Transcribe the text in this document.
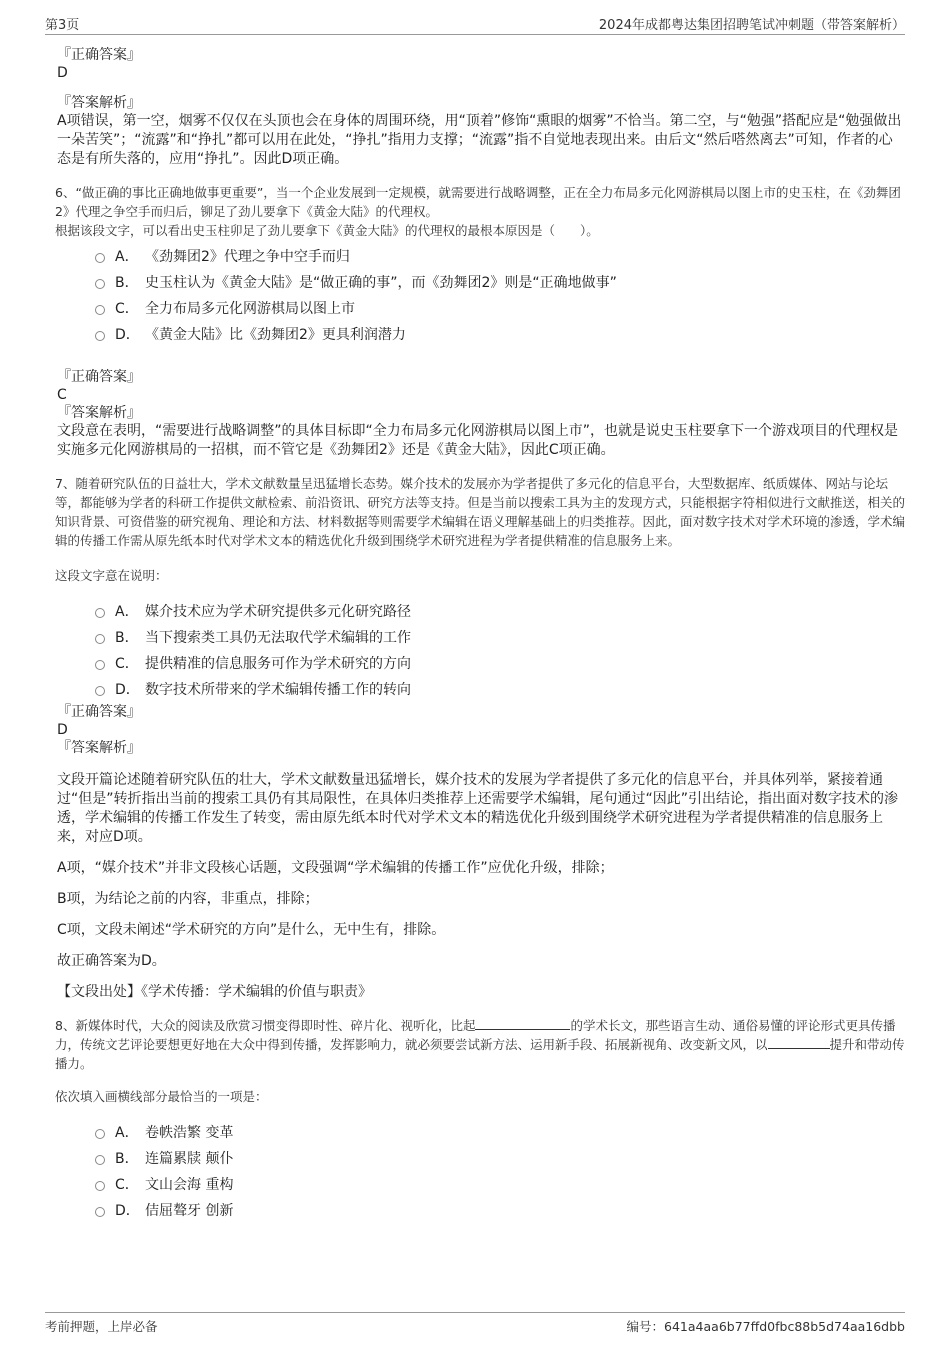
第3页	2024年成都粤达集团招聘笔试冲刺题（带答案解析）
『正确答案』
D
『答案解析』
A项错误，第一空，烟雾不仅仅在头顶也会在身体的周围环绕，用“顶着”修饰“熏眼的烟雾”不恰当。第二空，与“勉强”搭配应是“勉强做出一朵苦笑”；“流露”和“挣扎”都可以用在此处，“挣扎”指用力支撑；“流露”指不自觉地表现出来。由后文“然后嗒然离去”可知，作者的心态是有所失落的，应用“挣扎”。因此D项正确。
6、“做正确的事比正确地做事更重要”，当一个企业发展到一定规模，就需要进行战略调整，正在全力布局多元化网游棋局以图上市的史玉柱，在《劲舞团2》代理之争空手而归后，铆足了劲儿要拿下《黄金大陆》的代理权。
根据该段文字，可以看出史玉柱卯足了劲儿要拿下《黄金大陆》的代理权的最根本原因是（　　）。
A． 《劲舞团2》代理之争中空手而归
B． 史玉柱认为《黄金大陆》是“做正确的事”，而《劲舞团2》则是“正确地做事”
C． 全力布局多元化网游棋局以图上市
D． 《黄金大陆》比《劲舞团2》更具利润潜力
『正确答案』
C
『答案解析』
文段意在表明，“需要进行战略调整”的具体目标即“全力布局多元化网游棋局以图上市”，也就是说史玉柱要拿下一个游戏项目的代理权是实施多元化网游棋局的一招棋，而不管它是《劲舞团2》还是《黄金大陆》，因此C项正确。
7、随着研究队伍的日益壮大，学术文献数量呈迅猛增长态势。媒介技术的发展亦为学者提供了多元化的信息平台，大型数据库、纸质媒体、网站与论坛等，都能够为学者的科研工作提供文献检索、前沿资讯、研究方法等支持。但是当前以搜索工具为主的发现方式，只能根据字符相似进行文献推送，相关的知识背景、可资借鉴的研究视角、理论和方法、材料数据等则需要学术编辑在语义理解基础上的归类推荐。因此，面对数字技术对学术环境的渗透，学术编辑的传播工作需从原先纸本时代对学术文本的精选优化升级到围绕学术研究进程为学者提供精准的信息服务上来。
这段文字意在说明：
A． 媒介技术应为学术研究提供多元化研究路径
B． 当下搜索类工具仍无法取代学术编辑的工作
C． 提供精准的信息服务可作为学术研究的方向
D． 数字技术所带来的学术编辑传播工作的转向
『正确答案』
D
『答案解析』
文段开篇论述随着研究队伍的壮大，学术文献数量迅猛增长，媒介技术的发展为学者提供了多元化的信息平台，并具体列举，紧接着通过“但是”转折指出当前的搜索工具仍有其局限性，在具体归类推荐上还需要学术编辑，尾句通过“因此”引出结论，指出面对数字技术的渗透，学术编辑的传播工作发生了转变，需由原先纸本时代对学术文本的精选优化升级到围绕学术研究进程为学者提供精准的信息服务上来，对应D项。
A项，“媒介技术”并非文段核心话题，文段强调“学术编辑的传播工作”应优化升级，排除；
B项，为结论之前的内容，非重点，排除；
C项，文段未阐述“学术研究的方向”是什么，无中生有，排除。
故正确答案为D。
【文段出处】《学术传播：学术编辑的价值与职责》
8、新媒体时代，大众的阅读及欣赏习惯变得即时性、碎片化、视听化，比起	的学术长文，那些语言生动、通俗易懂的评论形式更具传播力，传统文艺评论要想更好地在大众中得到传播，发挥影响力，就必须要尝试新方法、运用新手段、拓展新视角、改变新文风，以	提升和带动传播力。
依次填入画横线部分最恰当的一项是：
A． 卷帙浩繁 变革
B． 连篇累牍 颠仆
C． 文山会海 重构
D． 佶屈聱牙 创新
考前押题，上岸必备	编号：641a4aa6b77ffd0fbc88b5d74aa16dbb
